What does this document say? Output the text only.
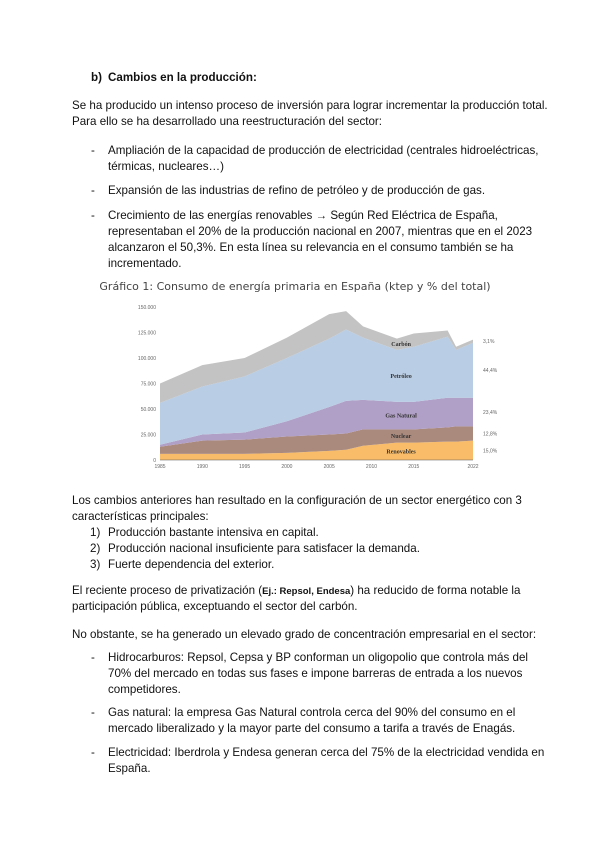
b) Cambios en la producción:
Se ha producido un intenso proceso de inversión para lograr incrementar la producción total.
Para ello se ha desarrollado una reestructuración del sector:
Gráfico 1: Consumo de energía primaria en España (ktep y % del total)
0
25.000
50.000
75.000
100.000
125.000
150.000
1985	1990	1995	2000	2005	2010	2015	2022
Renovables	15,0%
Nuclear	12,8%
Gas Natural
23,4%
Petróleo
44,4%
Carbón
3,1%
Los cambios anteriores han resultado en la configuración de un sector energético con 3
características principales:
El reciente proceso de privatización (Ej.: Repsol, Endesa) ha reducido de forma notable la
participación pública, exceptuando el sector del carbón.
No obstante, se ha generado un elevado grado de concentración empresarial en el sector:
- Ampliación de la capacidad de producción de electricidad (centrales hidroeléctricas,
térmicas, nucleares…)
- Expansión de las industrias de refino de petróleo y de producción de gas.
- Crecimiento de las energías renovables → Según Red Eléctrica de España,
representaban el 20% de la producción nacional en 2007, mientras que en el 2023
alcanzaron el 50,3%. En esta línea su relevancia en el consumo también se ha
incrementado.
- Hidrocarburos: Repsol, Cepsa y BP conforman un oligopolio que controla más del
70% del mercado en todas sus fases e impone barreras de entrada a los nuevos
competidores.
- Gas natural: la empresa Gas Natural controla cerca del 90% del consumo en el
mercado liberalizado y la mayor parte del consumo a tarifa a través de Enagás.
- Electricidad: Iberdrola y Endesa generan cerca del 75% de la electricidad vendida en
España.
1) Producción bastante intensiva en capital.
2) Producción nacional insuficiente para satisfacer la demanda.
3) Fuerte dependencia del exterior.
